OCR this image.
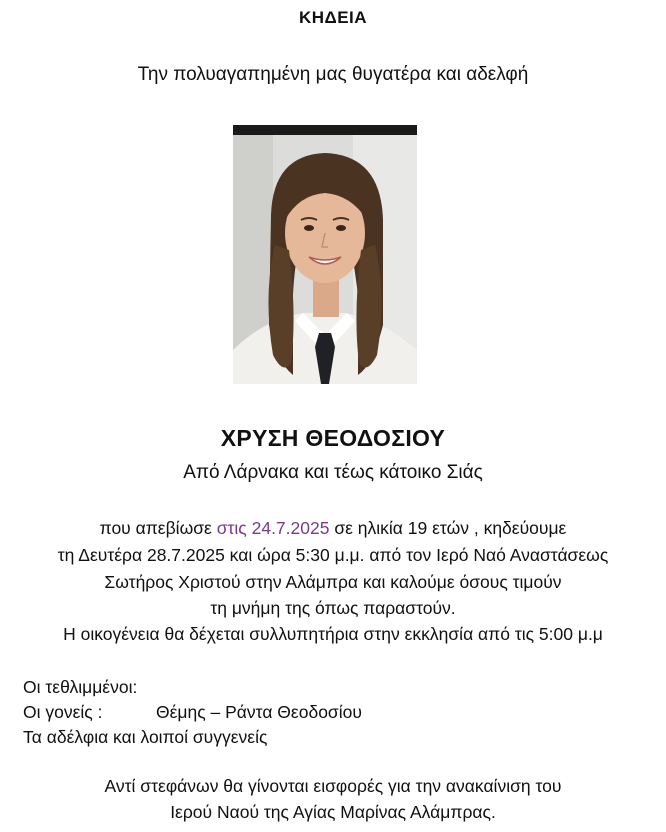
ΚΗΔΕΙΑ
Την πολυαγαπημένη μας θυγατέρα και αδελφή
ΧΡΥΣΗ ΘΕΟΔΟΣΙΟΥ
Από Λάρνακα και τέως κάτοικο Σιάς
που απεβίωσε στις 24.7.2025 σε ηλικία 19 ετών , κηδεύουμε
τη Δευτέρα 28.7.2025 και ώρα 5:30 μ.μ. από τον Ιερό Ναό Αναστάσεως
Σωτήρος Χριστού στην Αλάμπρα και καλούμε όσους τιμούν
τη μνήμη της όπως παραστούν.
Η οικογένεια θα δέχεται συλλυπητήρια στην εκκλησία από τις 5:00 μ.μ
Οι τεθλιμμένοι:
Οι γονείς :	Θέμης – Ράντα Θεοδοσίου
Τα αδέλφια και λοιποί συγγενείς
Αντί στεφάνων θα γίνονται εισφορές για την ανακαίνιση του
Ιερού Ναού της Αγίας Μαρίνας Αλάμπρας.
